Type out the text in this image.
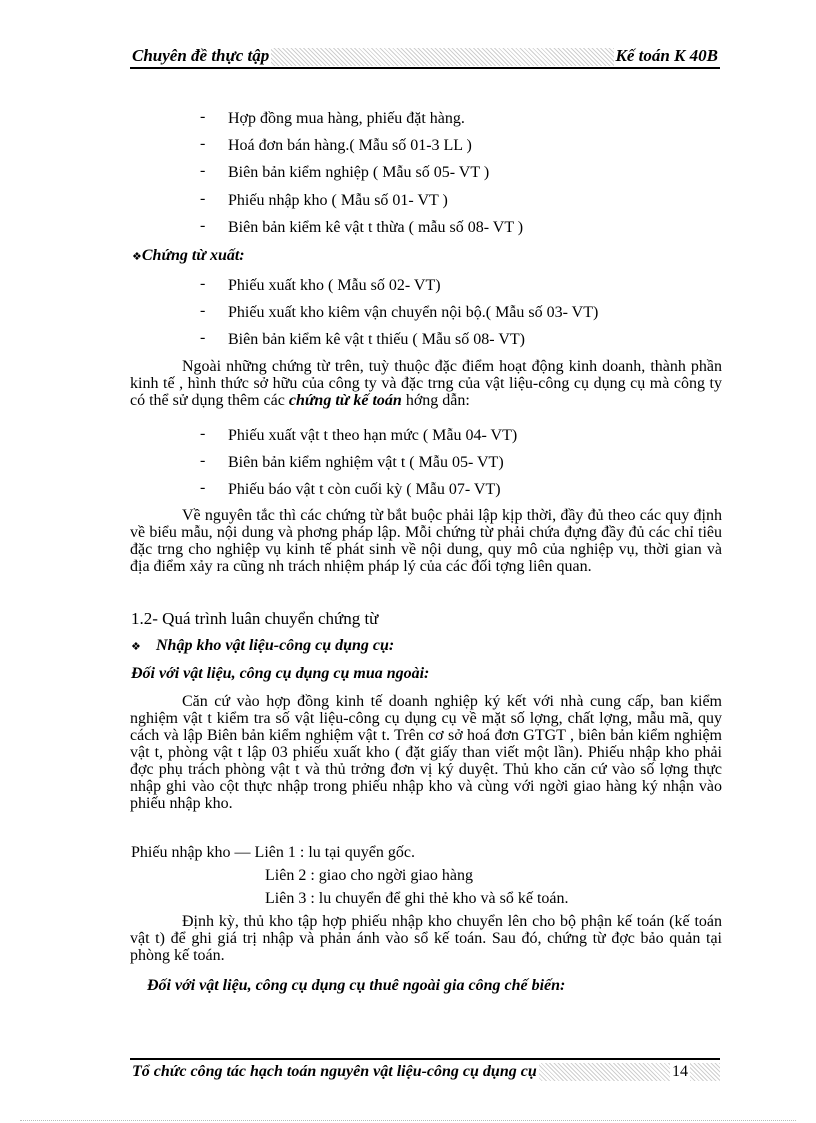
Chuyên đề thực tập	Kế toán K 40B
- Hợp đồng mua hàng, phiếu đặt hàng.
- Hoá đơn bán hàng.( Mẫu số 01-3 LL )
- Biên bản kiểm nghiệp ( Mẫu số 05- VT )
- Phiếu nhập kho ( Mẫu số 01- VT )
- Biên bản kiểm kê vật t thừa ( mẫu số 08- VT )
❖Chứng từ xuất:
- Phiếu xuất kho ( Mẫu số 02- VT)
- Phiếu xuất kho kiêm vận chuyển nội bộ.( Mẫu số 03- VT)
- Biên bản kiểm kê vật t thiếu ( Mẫu số 08- VT)
Ngoài những chứng từ trên, tuỳ thuộc đặc điểm hoạt động kinh doanh, thành phần kinh tế , hình thức sở hữu của công ty và đặc trng của vật liệu-công cụ dụng cụ mà công ty có thể sử dụng thêm các chứng từ kế toán hớng dẫn:
- Phiếu xuất vật t theo hạn mức ( Mẫu 04- VT)
- Biên bản kiểm nghiệm vật t ( Mẫu 05- VT)
- Phiếu báo vật t còn cuối kỳ ( Mẫu 07- VT)
Về nguyên tắc thì các chứng từ bắt buộc phải lập kịp thời, đầy đủ theo các quy định về biểu mẫu, nội dung và phơng pháp lập. Mỗi chứng từ phải chứa đựng đầy đủ các chỉ tiêu đặc trng cho nghiệp vụ kinh tế phát sinh về nội dung, quy mô của nghiệp vụ, thời gian và địa điểm xảy ra cũng nh trách nhiệm pháp lý của các đối tợng liên quan.
1.2- Quá trình luân chuyển chứng từ
❖ Nhập kho vật liệu-công cụ dụng cụ:
Đối với vật liệu, công cụ dụng cụ mua ngoài:
Căn cứ vào hợp đồng kinh tế doanh nghiệp ký kết với nhà cung cấp, ban kiểm nghiệm vật t kiểm tra số vật liệu-công cụ dụng cụ về mặt số lợng, chất lợng, mẫu mã, quy cách và lập Biên bản kiểm nghiệm vật t. Trên cơ sở hoá đơn GTGT , biên bản kiểm nghiệm vật t, phòng vật t lập 03 phiếu xuất kho ( đặt giấy than viết một lần). Phiếu nhập kho phải đợc phụ trách phòng vật t và thủ trởng đơn vị ký duyệt. Thủ kho căn cứ vào số lợng thực nhập ghi vào cột thực nhập trong phiếu nhập kho và cùng với ngời giao hàng ký nhận vào phiếu nhập kho.
Phiếu nhập kho — Liên 1 : lu tại quyển gốc.
Liên 2 : giao cho ngời giao hàng
Liên 3 : lu chuyển để ghi thẻ kho và sổ kế toán.
Định kỳ, thủ kho tập hợp phiếu nhập kho chuyển lên cho bộ phận kế toán (kế toán vật t) để ghi giá trị nhập và phản ánh vào sổ kế toán. Sau đó, chứng từ đợc bảo quản tại phòng kế toán.
Đối với vật liệu, công cụ dụng cụ thuê ngoài gia công chế biến:
Tổ chức công tác hạch toán nguyên vật liệu-công cụ dụng cụ	14
